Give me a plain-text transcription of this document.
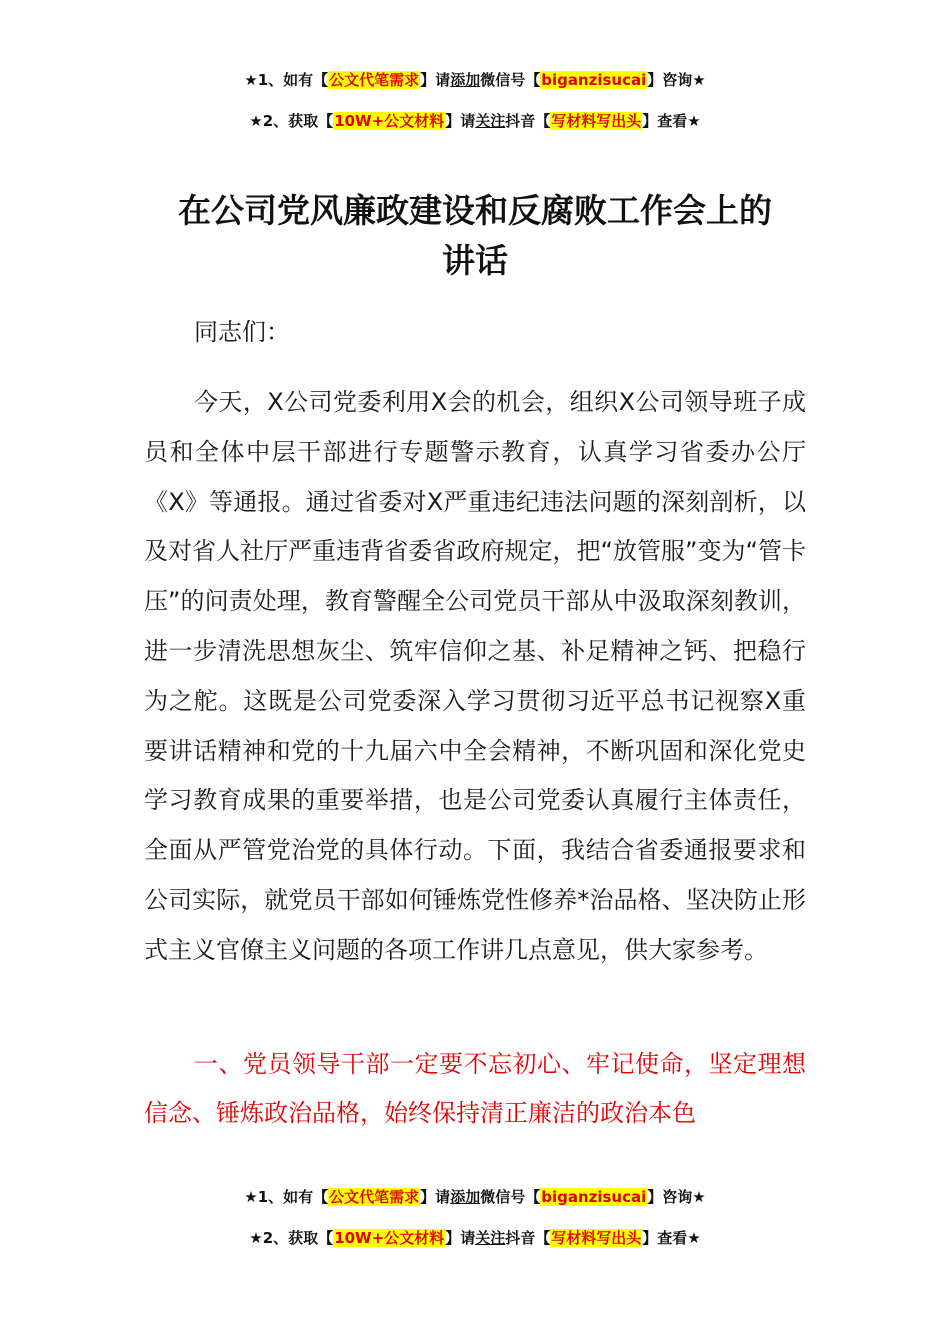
★1、如有【公文代笔需求】请添加微信号【biganzisucai】咨询★
★2、获取【10W+公文材料】请关注抖音【写材料写出头】查看★
在公司党风廉政建设和反腐败工作会上的
讲话
同志们：

今天，X公司党委利用X会的机会，组织X公司领导班子成员和全体中层干部进行专题警示教育，认真学习省委办公厅《X》等通报。通过省委对X严重违纪违法问题的深刻剖析，以及对省人社厅严重违背省委省政府规定，把“放管服”变为“管卡压”的问责处理，教育警醒全公司党员干部从中汲取深刻教训，进一步清洗思想灰尘、筑牢信仰之基、补足精神之钙、把稳行为之舵。这既是公司党委深入学习贯彻习近平总书记视察X重要讲话精神和党的十九届六中全会精神，不断巩固和深化党史学习教育成果的重要举措，也是公司党委认真履行主体责任，全面从严管党治党的具体行动。下面，我结合省委通报要求和公司实际，就党员干部如何锤炼党性修养*治品格、坚决防止形式主义官僚主义问题的各项工作讲几点意见，供大家参考。

一、党员领导干部一定要不忘初心、牢记使命，坚定理想信念、锤炼政治品格，始终保持清正廉洁的政治本色

★1、如有【公文代笔需求】请添加微信号【biganzisucai】咨询★
★2、获取【10W+公文材料】请关注抖音【写材料写出头】查看★
